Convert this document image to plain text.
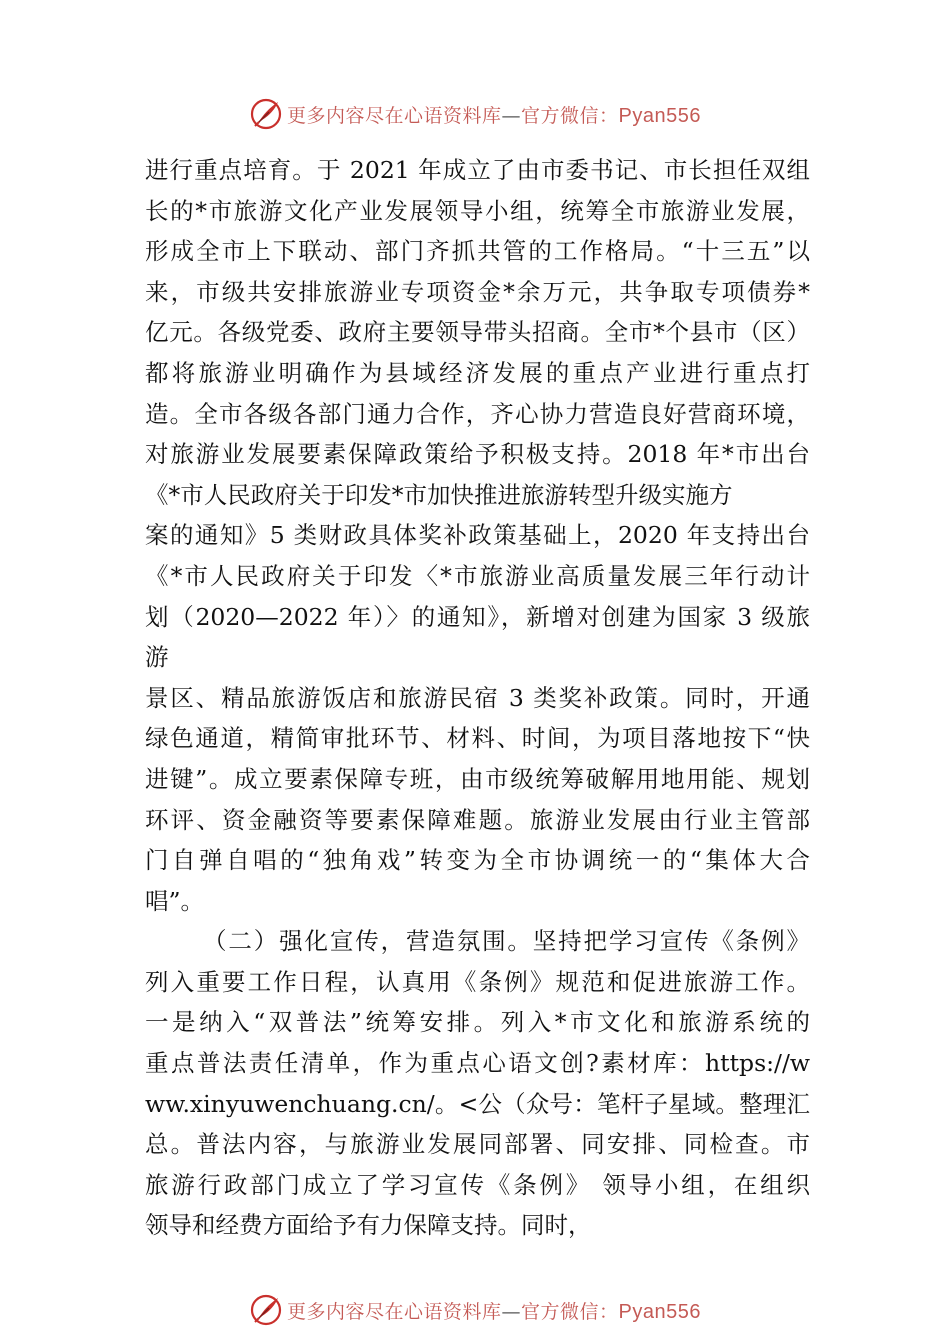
更多内容尽在心语资料库—官方微信：Pyan556
进行重点培育。于 2021 年成立了由市委书记、市长担任双组
长的*市旅游文化产业发展领导小组，统筹全市旅游业发展，
形成全市上下联动、部门齐抓共管的工作格局。“十三五”以
来，市级共安排旅游业专项资金*余万元，共争取专项债券*
亿元。各级党委、政府主要领导带头招商。全市*个县市（区）
都将旅游业明确作为县域经济发展的重点产业进行重点打
造。全市各级各部门通力合作，齐心协力营造良好营商环境，
对旅游业发展要素保障政策给予积极支持。2018 年*市出台
《*市人民政府关于印发*市加快推进旅游转型升级实施方
案的通知》5 类财政具体奖补政策基础上，2020 年支持出台
《*市人民政府关于印发〈*市旅游业高质量发展三年行动计
划（2020—2022 年）〉的通知》，新增对创建为国家 3 级旅
游
景区、精品旅游饭店和旅游民宿 3 类奖补政策。同时，开通
绿色通道，精简审批环节、材料、时间，为项目落地按下“快
进键”。成立要素保障专班，由市级统筹破解用地用能、规划
环评、资金融资等要素保障难题。旅游业发展由行业主管部
门自弹自唱的“独角戏”转变为全市协调统一的“集体大合
唱”。
（二）强化宣传，营造氛围。坚持把学习宣传《条例》
列入重要工作日程，认真用《条例》规范和促进旅游工作。
一是纳入“双普法”统筹安排。列入*市文化和旅游系统的
重点普法责任清单，作为重点心语文创?素材库：https://w
ww.xinyuwenchuang.cn/。<公（众号：笔杆子星域。整理汇
总。普法内容，与旅游业发展同部署、同安排、同检查。市
旅游行政部门成立了学习宣传《条例》 领导小组，在组织
领导和经费方面给予有力保障支持。同时，
更多内容尽在心语资料库—官方微信：Pyan556
